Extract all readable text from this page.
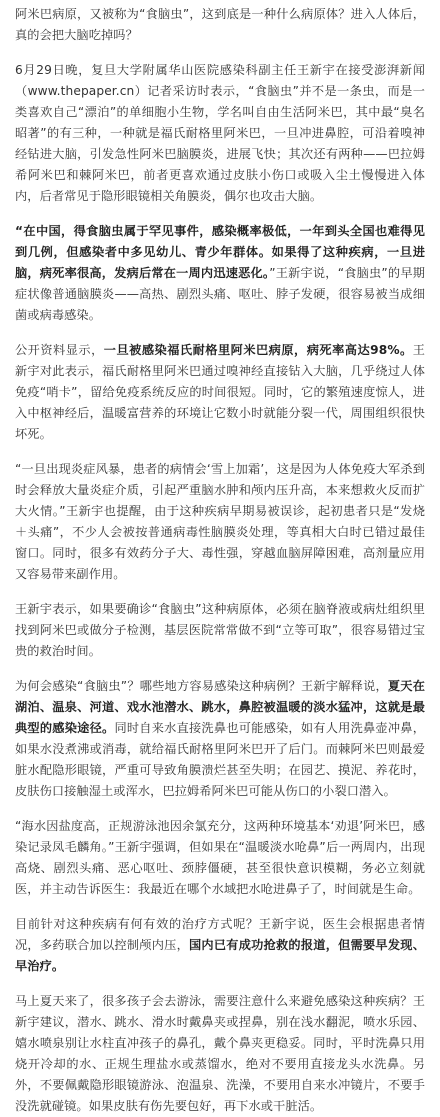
阿米巴病原，又被称为“食脑虫”，这到底是一种什么病原体？进入人体后，真的会把大脑吃掉吗？

6月29日晚，复旦大学附属华山医院感染科副主任王新宇在接受澎湃新闻（www.thepaper.cn）记者采访时表示，“食脑虫”并不是一条虫，而是一类喜欢自己“漂泊”的单细胞小生物，学名叫自由生活阿米巴，其中最“臭名昭著”的有三种，一种就是福氏耐格里阿米巴，一旦冲进鼻腔，可沿着嗅神经钻进大脑，引发急性阿米巴脑膜炎，进展飞快；其次还有两种——巴拉姆希阿米巴和棘阿米巴，前者更喜欢通过皮肤小伤口或吸入尘土慢慢进入体内，后者常见于隐形眼镜相关角膜炎，偶尔也攻击大脑。

“在中国，得食脑虫属于罕见事件，感染概率极低，一年到头全国也难得见到几例，但感染者中多见幼儿、青少年群体。如果得了这种疾病，一旦进脑，病死率很高，发病后常在一周内迅速恶化。”王新宇说，“食脑虫”的早期症状像普通脑膜炎——高热、剧烈头痛、呕吐、脖子发硬，很容易被当成细菌或病毒感染。

公开资料显示，一旦被感染福氏耐格里阿米巴病原，病死率高达98%。王新宇对此表示，福氏耐格里阿米巴通过嗅神经直接钻入大脑，几乎绕过人体免疫“哨卡”，留给免疫系统反应的时间很短。同时，它的繁殖速度惊人，进入中枢神经后，温暖富营养的环境让它数小时就能分裂一代，周围组织很快坏死。

“一旦出现炎症风暴，患者的病情会‘雪上加霜’，这是因为人体免疫大军杀到时会释放大量炎症介质，引起严重脑水肿和颅内压升高，本来想救火反而扩大火情。”王新宇也提醒，由于这种疾病早期易被误诊，起初患者只是“发烧＋头痛”，不少人会被按普通病毒性脑膜炎处理，等真相大白时已错过最佳窗口。同时，很多有效药分子大、毒性强，穿越血脑屏障困难，高剂量应用又容易带来副作用。

王新宇表示，如果要确诊“食脑虫”这种病原体，必须在脑脊液或病灶组织里找到阿米巴或做分子检测，基层医院常常做不到“立等可取”，很容易错过宝贵的救治时间。

为何会感染“食脑虫”？哪些地方容易感染这种病例？王新宇解释说，夏天在湖泊、温泉、河道、戏水池潜水、跳水，鼻腔被温暖的淡水猛冲，这就是最典型的感染途径。同时自来水直接洗鼻也可能感染，如有人用洗鼻壶冲鼻，如果水没煮沸或消毒，就给福氏耐格里阿米巴开了后门。而棘阿米巴则最爱脏水配隐形眼镜，严重可导致角膜溃烂甚至失明；在园艺、摸泥、养花时，皮肤伤口接触湿土或浑水，巴拉姆希阿米巴可能从伤口的小裂口潜入。

“海水因盐度高，正规游泳池因余氯充分，这两种环境基本‘劝退’阿米巴，感染记录凤毛麟角。”王新宇强调，但如果在“温暖淡水呛鼻”后一两周内，出现高烧、剧烈头痛、恶心呕吐、颈脖僵硬，甚至很快意识模糊，务必立刻就医，并主动告诉医生：我最近在哪个水域把水呛进鼻子了，时间就是生命。

目前针对这种疾病有何有效的治疗方式呢？王新宇说，医生会根据患者情况，多药联合加以控制颅内压，国内已有成功抢救的报道，但需要早发现、早治疗。

马上夏天来了，很多孩子会去游泳，需要注意什么来避免感染这种疾病？王新宇建议，潜水、跳水、滑水时戴鼻夹或捏鼻，别在浅水翻泥，喷水乐园、嬉水喷泉别让水柱直冲孩子的鼻孔，戴个鼻夹更稳妥。同时，平时洗鼻只用烧开冷却的水、正规生理盐水或蒸馏水，绝对不要用直接龙头水洗鼻。另外，不要佩戴隐形眼镜游泳、泡温泉、洗澡，不要用自来水冲镜片，不要手没洗就碰镜。如果皮肤有伤先要包好，再下水或干脏活。
